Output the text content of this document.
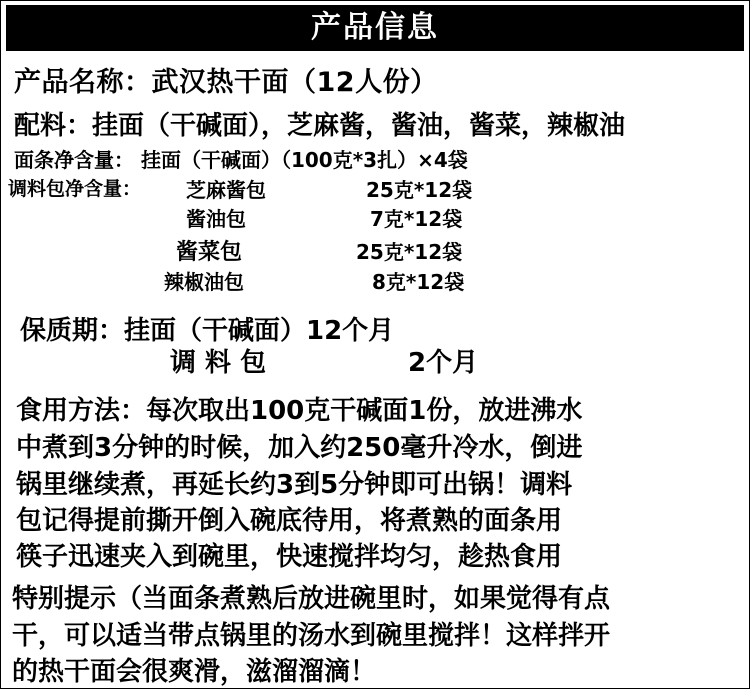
产品信息
产品名称：武汉热干面（12人份）
配料：挂面（干碱面），芝麻酱，酱油，酱菜，辣椒油
面条净含量： 挂面（干碱面）（100克*3扎）×4袋
调料包净含量： 芝麻酱包	25克*12袋
酱油包	7克*12袋
酱菜包	25克*12袋
辣椒油包	8克*12袋
保质期：挂面（干碱面）12个月
调 料 包	2个月
食用方法：每次取出100克干碱面1份，放进沸水
中煮到3分钟的时候，加入约250毫升冷水，倒进
锅里继续煮，再延长约3到5分钟即可出锅！调料
包记得提前撕开倒入碗底待用，将煮熟的面条用
筷子迅速夹入到碗里，快速搅拌均匀，趁热食用
特别提示（当面条煮熟后放进碗里时，如果觉得有点
干，可以适当带点锅里的汤水到碗里搅拌！这样拌开
的热干面会很爽滑，滋溜溜滴！
